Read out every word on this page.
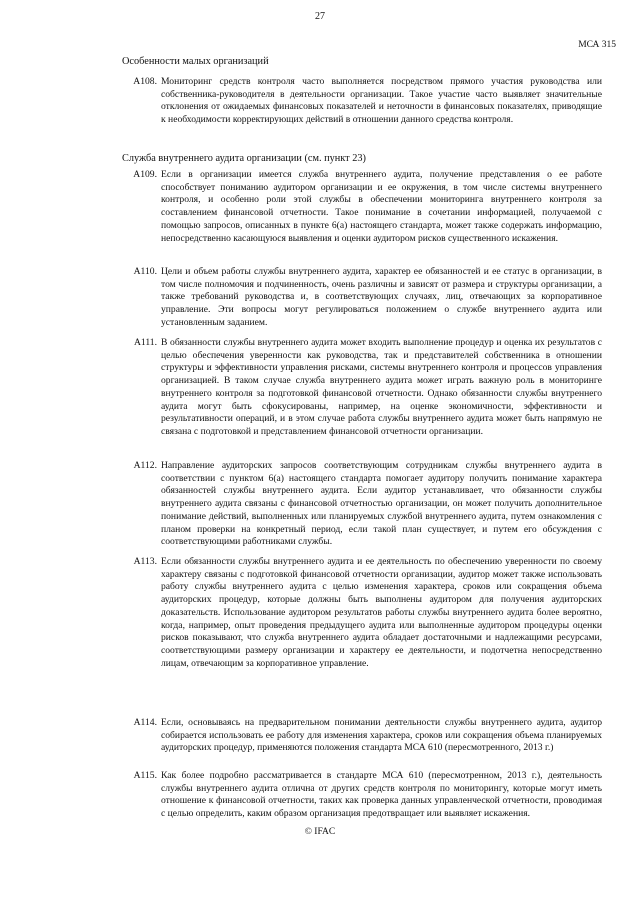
27
МСА 315
Особенности малых организаций
A108. Мониторинг средств контроля часто выполняется посредством прямого участия руководства или собственника-руководителя в деятельности организации. Такое участие часто выявляет значительные отклонения от ожидаемых финансовых показателей и неточности в финансовых показателях, приводящие к необходимости корректирующих действий в отношении данного средства контроля.
Служба внутреннего аудита организации (см. пункт 23)
A109. Если в организации имеется служба внутреннего аудита, получение представления о ее работе способствует пониманию аудитором организации и ее окружения, в том числе системы внутреннего контроля, и особенно роли этой службы в обеспечении мониторинга внутреннего контроля за составлением финансовой отчетности. Такое понимание в сочетании информацией, получаемой с помощью запросов, описанных в пункте 6(а) настоящего стандарта, может также содержать информацию, непосредственно касающуюся выявления и оценки аудитором рисков существенного искажения.
A110. Цели и объем работы службы внутреннего аудита, характер ее обязанностей и ее статус в организации, в том числе полномочия и подчиненность, очень различны и зависят от размера и структуры организации, а также требований руководства и, в соответствующих случаях, лиц, отвечающих за корпоративное управление. Эти вопросы могут регулироваться положением о службе внутреннего аудита или установленным заданием.
A111. В обязанности службы внутреннего аудита может входить выполнение процедур и оценка их результатов с целью обеспечения уверенности как руководства, так и представителей собственника в отношении структуры и эффективности управления рисками, системы внутреннего контроля и процессов управления организацией. В таком случае служба внутреннего аудита может играть важную роль в мониторинге внутреннего контроля за подготовкой финансовой отчетности. Однако обязанности службы внутреннего аудита могут быть сфокусированы, например, на оценке экономичности, эффективности и результативности операций, и в этом случае работа службы внутреннего аудита может быть напрямую не связана с подготовкой и представлением финансовой отчетности организации.
A112. Направление аудиторских запросов соответствующим сотрудникам службы внутреннего аудита в соответствии с пунктом 6(а) настоящего стандарта помогает аудитору получить понимание характера обязанностей службы внутреннего аудита. Если аудитор устанавливает, что обязанности службы внутреннего аудита связаны с финансовой отчетностью организации, он может получить дополнительное понимание действий, выполненных или планируемых службой внутреннего аудита, путем ознакомления с планом проверки на конкретный период, если такой план существует, и путем его обсуждения с соответствующими работниками службы.
A113. Если обязанности службы внутреннего аудита и ее деятельность по обеспечению уверенности по своему характеру связаны с подготовкой финансовой отчетности организации, аудитор может также использовать работу службы внутреннего аудита с целью изменения характера, сроков или сокращения объема аудиторских процедур, которые должны быть выполнены аудитором для получения аудиторских доказательств. Использование аудитором результатов работы службы внутреннего аудита более вероятно, когда, например, опыт проведения предыдущего аудита или выполненные аудитором процедуры оценки рисков показывают, что служба внутреннего аудита обладает достаточными и надлежащими ресурсами, соответствующими размеру организации и характеру ее деятельности, и подотчетна непосредственно лицам, отвечающим за корпоративное управление.
A114. Если, основываясь на предварительном понимании деятельности службы внутреннего аудита, аудитор собирается использовать ее работу для изменения характера, сроков или сокращения объема планируемых аудиторских процедур, применяются положения стандарта МСА 610 (пересмотренного, 2013 г.)
A115. Как более подробно рассматривается в стандарте МСА 610 (пересмотренном, 2013 г.), деятельность службы внутреннего аудита отлична от других средств контроля по мониторингу, которые могут иметь отношение к финансовой отчетности, таких как проверка данных управленческой отчетности, проводимая с целью определить, каким образом организация предотвращает или выявляет искажения.
© IFAC
